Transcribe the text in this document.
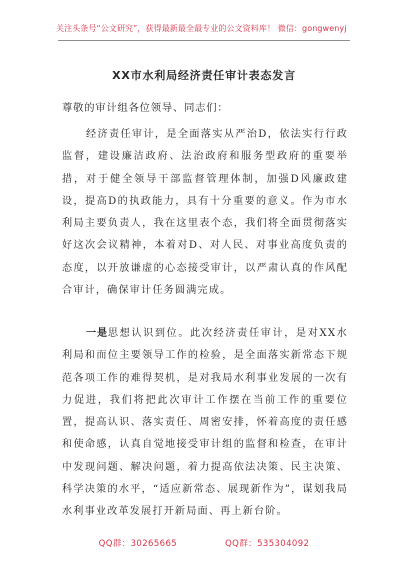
关注头条号“公文研究”，获得最新最全最专业的公文资料库！ 微信：gongwenyj
XX市水利局经济责任审计表态发言
尊敬的审计组各位领导、同志们：
经济责任审计，是全面落实从严治D，依法实行行政监督，建设廉洁政府、法治政府和服务型政府的重要举措，对于健全领导干部监督管理体制，加强D风廉政建设，提高D的执政能力，具有十分重要的意义。作为市水利局主要负责人，我在这里表个态，我们将全面贯彻落实好这次会议精神，本着对D、对人民、对事业高度负责的态度，以开放谦虚的心态接受审计，以严肃认真的作风配合审计，确保审计任务圆满完成。
一是思想认识到位。此次经济责任审计，是对XX水利局和而位主要领导工作的检验，是全面落实新常态下规范各项工作的难得契机，是对我局水利事业发展的一次有力促进，我们将把此次审计工作摆在当前工作的重要位置，提高认识、落实责任、周密安排，怀着高度的责任感和使命感，认真自觉地接受审计组的监督和检查，在审计中发现问题、解决问题，着力提高依法决策、民主决策、科学决策的水平，“适应新常态、展现新作为”，谋划我局水利事业改革发展打开新局面、再上新台阶。
QQ群：30265665	QQ群：535304092
